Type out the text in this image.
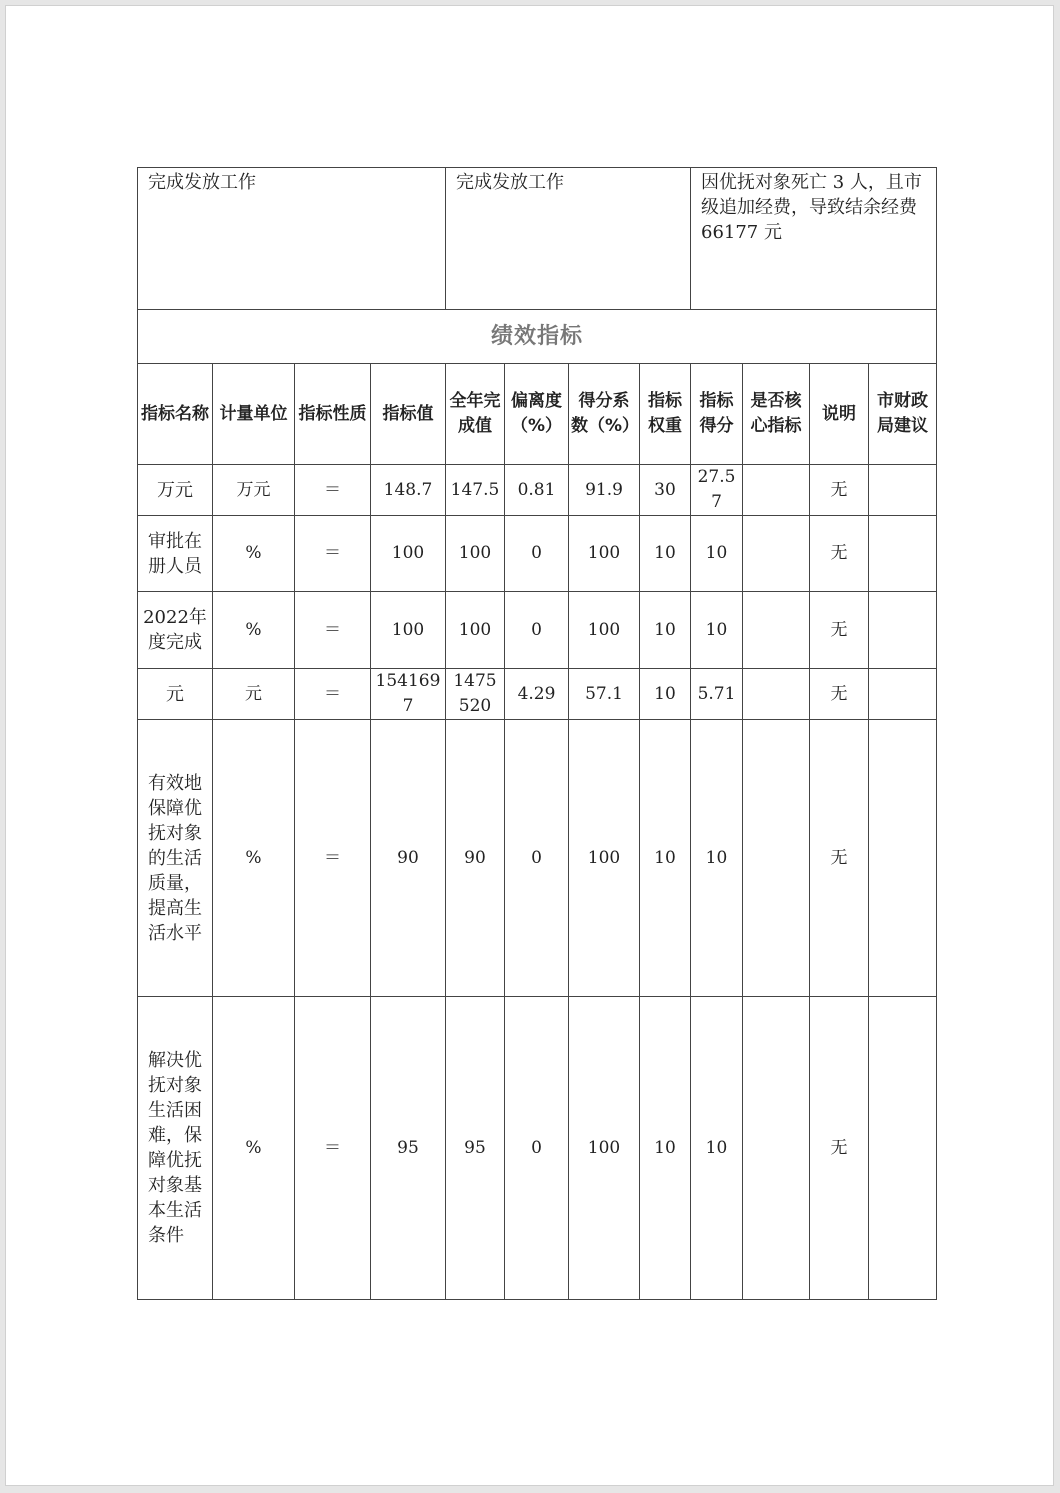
完成发放工作				完成发放工作				因优抚对象死亡 3 人，且市级追加经费，导致结余经费 66177 元			
绩效指标											
指标名称	计量单位	指标性质	指标值	全年完成值	偏离度（%）	得分系数（%）	指标权重	指标得分	是否核心指标	说明	市财政局建议
万元	万元	＝	148.7	147.5	0.81	91.9	30	27.57		无	
审批在册人员	%	＝	100	100	0	100	10	10		无	
2022年度完成	%	＝	100	100	0	100	10	10		无	
元	元	＝	1541697	1475520	4.29	57.1	10	5.71		无	
有效地保障优抚对象的生活质量，提高生活水平	%	＝	90	90	0	100	10	10		无	
解决优抚对象生活困难，保障优抚对象基本生活条件	%	＝	95	95	0	100	10	10		无	
